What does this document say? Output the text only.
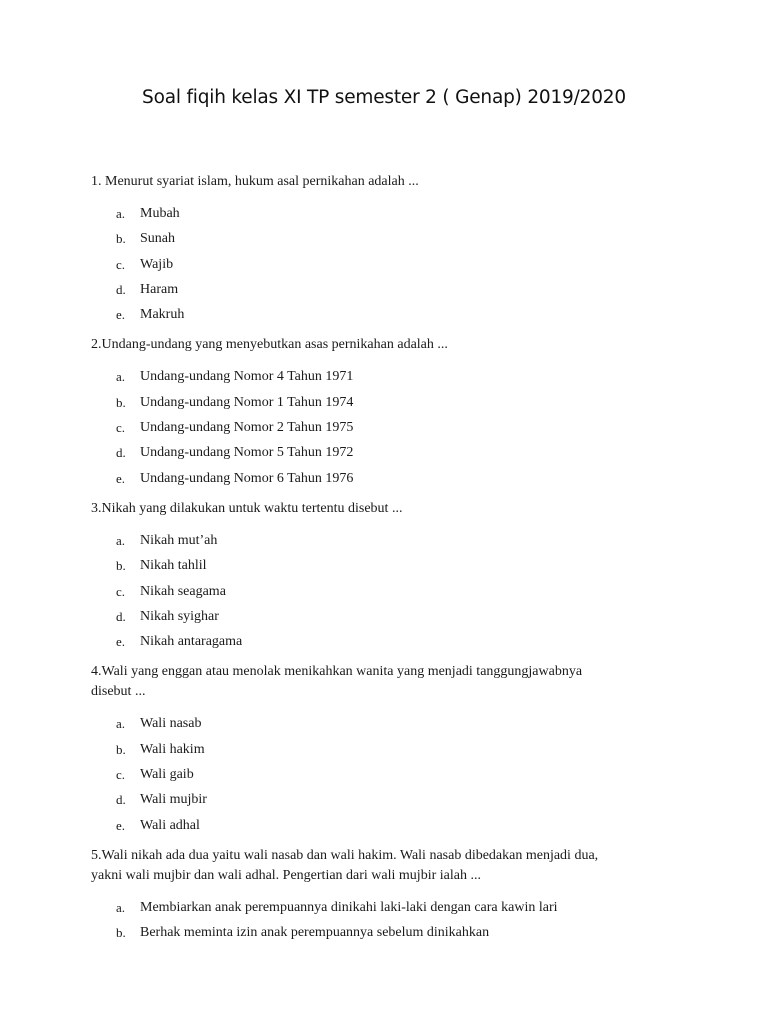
Soal fiqih kelas XI TP semester 2 ( Genap) 2019/2020

1. Menurut syariat islam, hukum asal pernikahan adalah ...

a. Mubah
b. Sunah
c. Wajib
d. Haram
e. Makruh

2.Undang-undang yang menyebutkan asas pernikahan adalah ...

a. Undang-undang Nomor 4 Tahun 1971
b. Undang-undang Nomor 1 Tahun 1974
c. Undang-undang Nomor 2 Tahun 1975
d. Undang-undang Nomor 5 Tahun 1972
e. Undang-undang Nomor 6 Tahun 1976

3.Nikah yang dilakukan untuk waktu tertentu disebut ...

a. Nikah mut’ah
b. Nikah tahlil
c. Nikah seagama
d. Nikah syighar
e. Nikah antaragama

4.Wali yang enggan atau menolak menikahkan wanita yang menjadi tanggungjawabnya
disebut ...

a. Wali nasab
b. Wali hakim
c. Wali gaib
d. Wali mujbir
e. Wali adhal

5.Wali nikah ada dua yaitu wali nasab dan wali hakim. Wali nasab dibedakan menjadi dua,
yakni wali mujbir dan wali adhal. Pengertian dari wali mujbir ialah ...

a. Membiarkan anak perempuannya dinikahi laki-laki dengan cara kawin lari
b. Berhak meminta izin anak perempuannya sebelum dinikahkan
